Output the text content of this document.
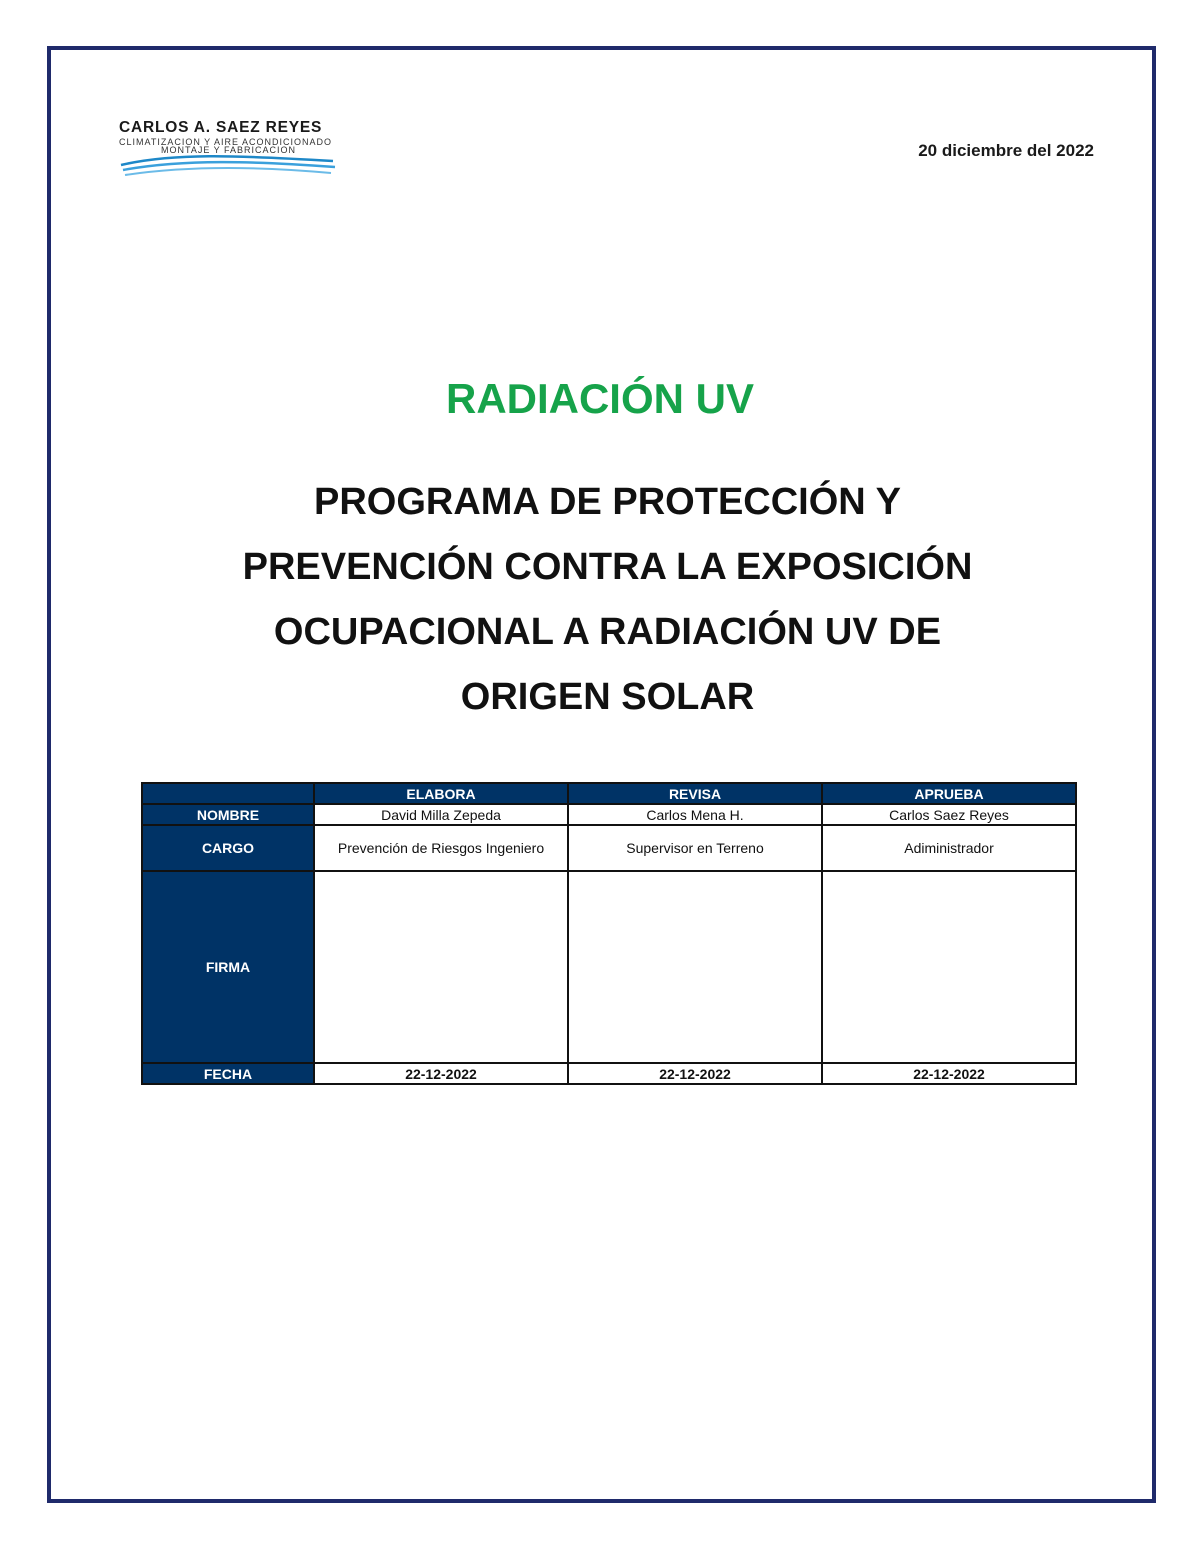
CARLOS A. SAEZ REYES
CLIMATIZACION Y AIRE ACONDICIONADO
MONTAJE Y FABRICACION	20 diciembre del 2022
RADIACIÓN UV
PROGRAMA DE PROTECCIÓN Y
PREVENCIÓN CONTRA LA EXPOSICIÓN
OCUPACIONAL A RADIACIÓN UV DE
ORIGEN SOLAR
	ELABORA	REVISA	APRUEBA
NOMBRE	David Milla Zepeda	Carlos Mena H.	Carlos Saez Reyes
CARGO	Prevención de Riesgos Ingeniero	Supervisor en Terreno	Adiministrador
FIRMA			
FECHA	22-12-2022	22-12-2022	22-12-2022
